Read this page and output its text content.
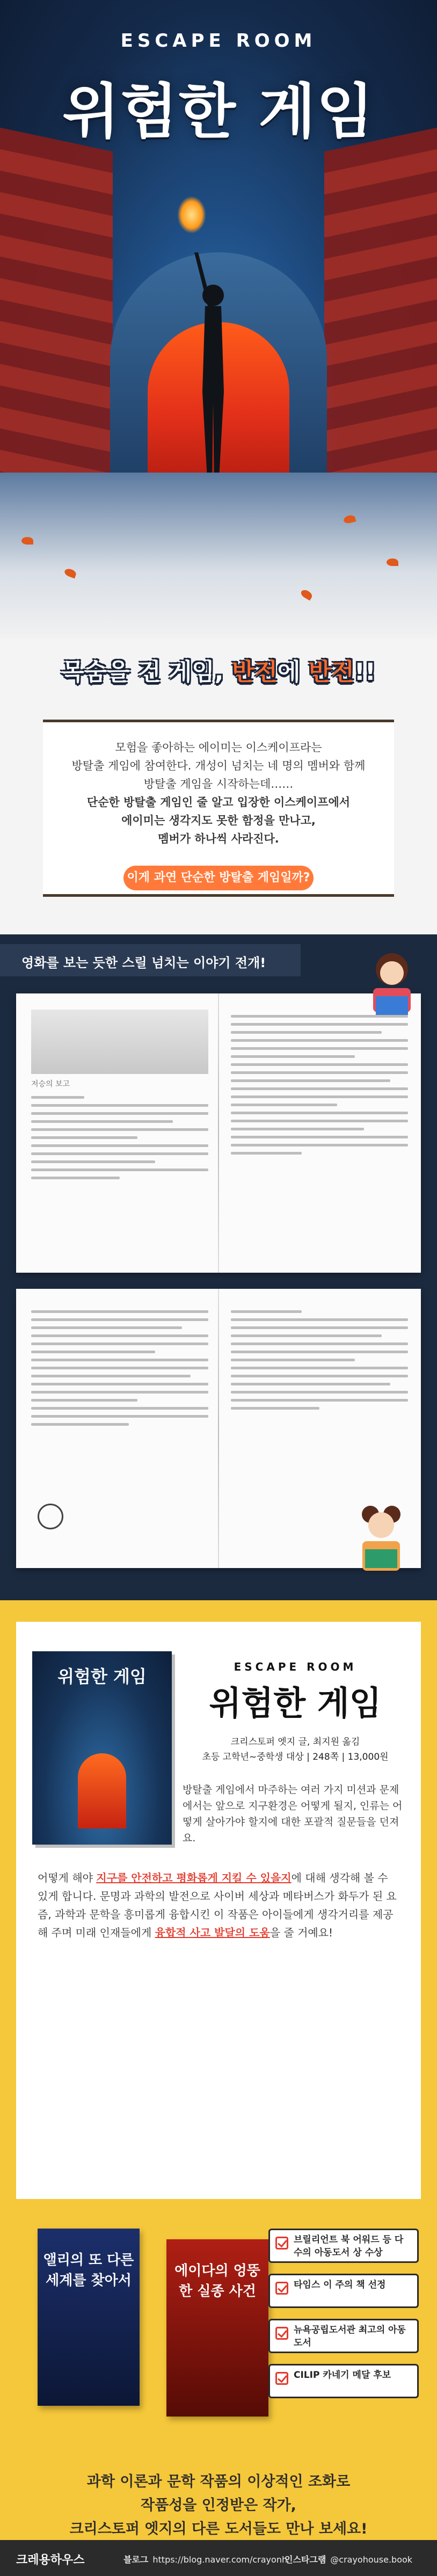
ESCAPE ROOM
위험한 게임
목숨을 건 게임, 반전에 반전!!
모험을 좋아하는 에이미는 이스케이프라는
방탈출 게임에 참여한다. 개성이 넘치는 네 명의 멤버와 함께
방탈출 게임을 시작하는데……
단순한 방탈출 게임인 줄 알고 입장한 이스케이프에서
에이미는 생각지도 못한 함정을 만나고,
멤버가 하나씩 사라진다.
이게 과연 단순한 방탈출 게임일까?
영화를 보는 듯한 스릴 넘치는 이야기 전개!
저승의 보고
위험한 게임	ESCAPE ROOM
위험한 게임
크리스토퍼 엣지 글, 최지원 옮김
초등 고학년~중학생 대상 | 248쪽 | 13,000원
방탈출 게임에서 마주하는 여러 가지 미션과 문제에서는 앞으로 지구환경은 어떻게 될지, 인류는 어떻게 살아가야 할지에 대한 포괄적 질문들을 던져요.
어떻게 해야 지구를 안전하고 평화롭게 지킬 수 있을지에 대해 생각해 볼 수 있게 합니다. 문명과 과학의 발전으로 사이버 세상과 메타버스가 화두가 된 요즘, 과학과 문학을 흥미롭게 융합시킨 이 작품은 아이들에게 생각거리를 제공해 주며 미래 인재들에게 융합적 사고 발달의 도움을 줄 거예요!
앨리의 또 다른 세계를 찾아서
에이다의 엉뚱한 실종 사건
브릴리언트 북 어워드 등 다수의 아동도서 상 수상
타임스 이 주의 책 선정
뉴욕공립도서관 최고의 아동도서
CILIP 카네기 메달 후보
과학 이론과 문학 작품의 이상적인 조화로
작품성을 인정받은 작가,
크리스토퍼 엣지의 다른 도서들도 만나 보세요!
크레용하우스	블로그 https://blog.naver.com/crayonh
인스타그램 @crayohouse.book
